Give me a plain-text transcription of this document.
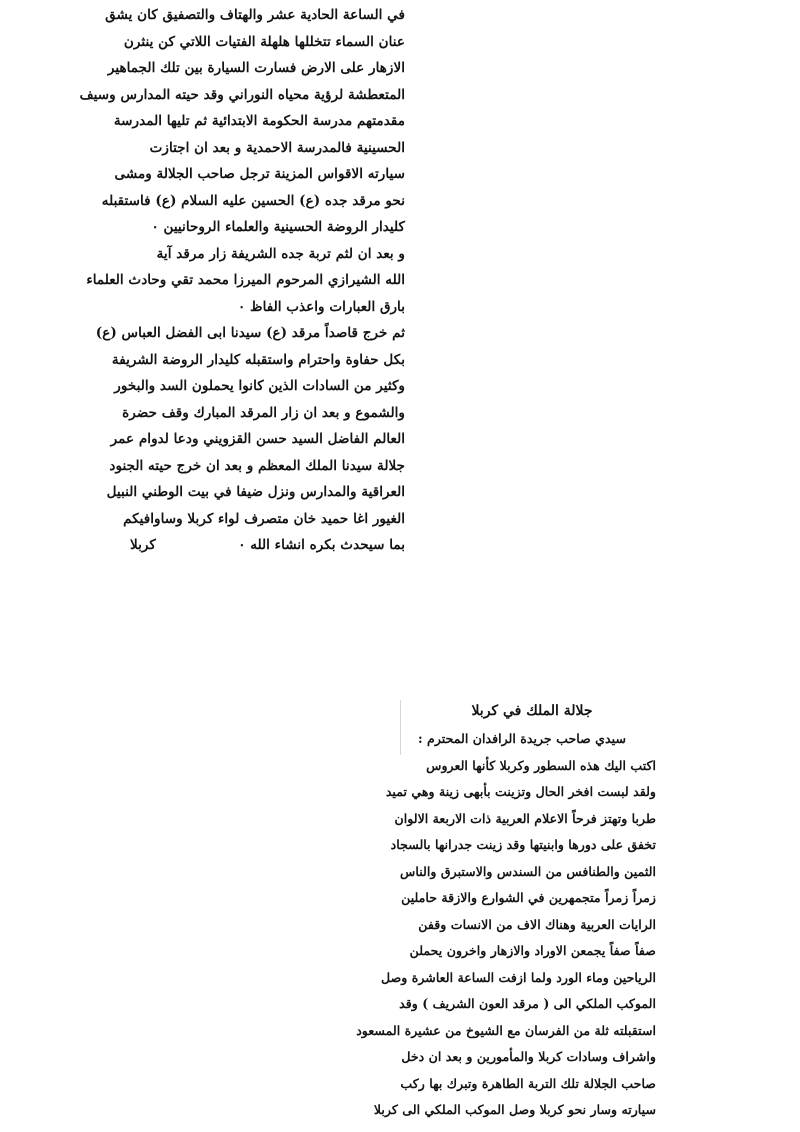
في الساعة الحادية عشر والهتاف والتصفيق كان يشق
عنان السماء تتخللها هلهلة الفتيات اللاتي كن ينثرن
الازهار على الارض فسارت السيارة بين تلك الجماهير
المتعطشة لرؤية محياه النوراني وقد حيته المدارس وسيف
مقدمتهم مدرسة الحكومة الابتدائية ثم تليها المدرسة
الحسينية فالمدرسة الاحمدية و بعد ان اجتازت
سيارته الاقواس المزينة ترجل صاحب الجلالة ومشى
نحو مرقد جده (ع) الحسين عليه السلام (ع) فاستقبله
كليدار الروضة الحسينية والعلماء الروحانيين ٠
و بعد ان لثم تربة جده الشريفة زار مرقد آية
الله الشيرازي المرحوم الميرزا محمد تقي وحادث العلماء
بارق العبارات واعذب الفاظ ٠
ثم خرج قاصداً مرقد (ع) سيدنا ابى الفضل العباس (ع)
بكل حفاوة واحترام واستقبله كليدار الروضة الشريفة
وكثير من السادات الذين كانوا يحملون السد والبخور
والشموع و بعد ان زار المرقد المبارك وقف حضرة
العالم الفاضل السيد حسن القزويني ودعا لدوام عمر
جلالة سيدنا الملك المعظم و بعد ان خرج حيته الجنود
العراقية والمدارس ونزل ضيفا في بيت الوطني النبيل
الغيور اغا حميد خان متصرف لواء كربلا وساوافيكم
بما سيحدث بكره انشاء الله ٠
كربلا
جلالة الملك في كربلا
سيدي صاحب جريدة الرافدان المحترم :
اكتب اليك هذه السطور وكربلا كأنها العروس
ولقد لبست افخر الحال وتزينت بأبهى زينة وهي تميد
طربا وتهتز فرحاً الاعلام العربية ذات الاربعة الالوان
تخفق على دورها وابنيتها وقد زينت جدرانها بالسجاد
الثمين والطنافس من السندس والاستبرق والناس
زمراً زمراً متجمهرين في الشوارع والازقة حاملين
الرايات العربية وهناك الاف من الانسات وقفن
صفاً صفاً يجمعن الاوراد والازهار واخرون يحملن
الرياحين وماء الورد ولما ازفت الساعة العاشرة وصل
الموكب الملكي الى ( مرقد العون الشريف ) وقد
استقبلته ثلة من الفرسان مع الشيوخ من عشيرة المسعود
واشراف وسادات كربلا والمأمورين و بعد ان دخل
صاحب الجلالة تلك التربة الطاهرة وتبرك بها ركب
سيارته وسار نحو كربلا وصل الموكب الملكي الى كربلا
